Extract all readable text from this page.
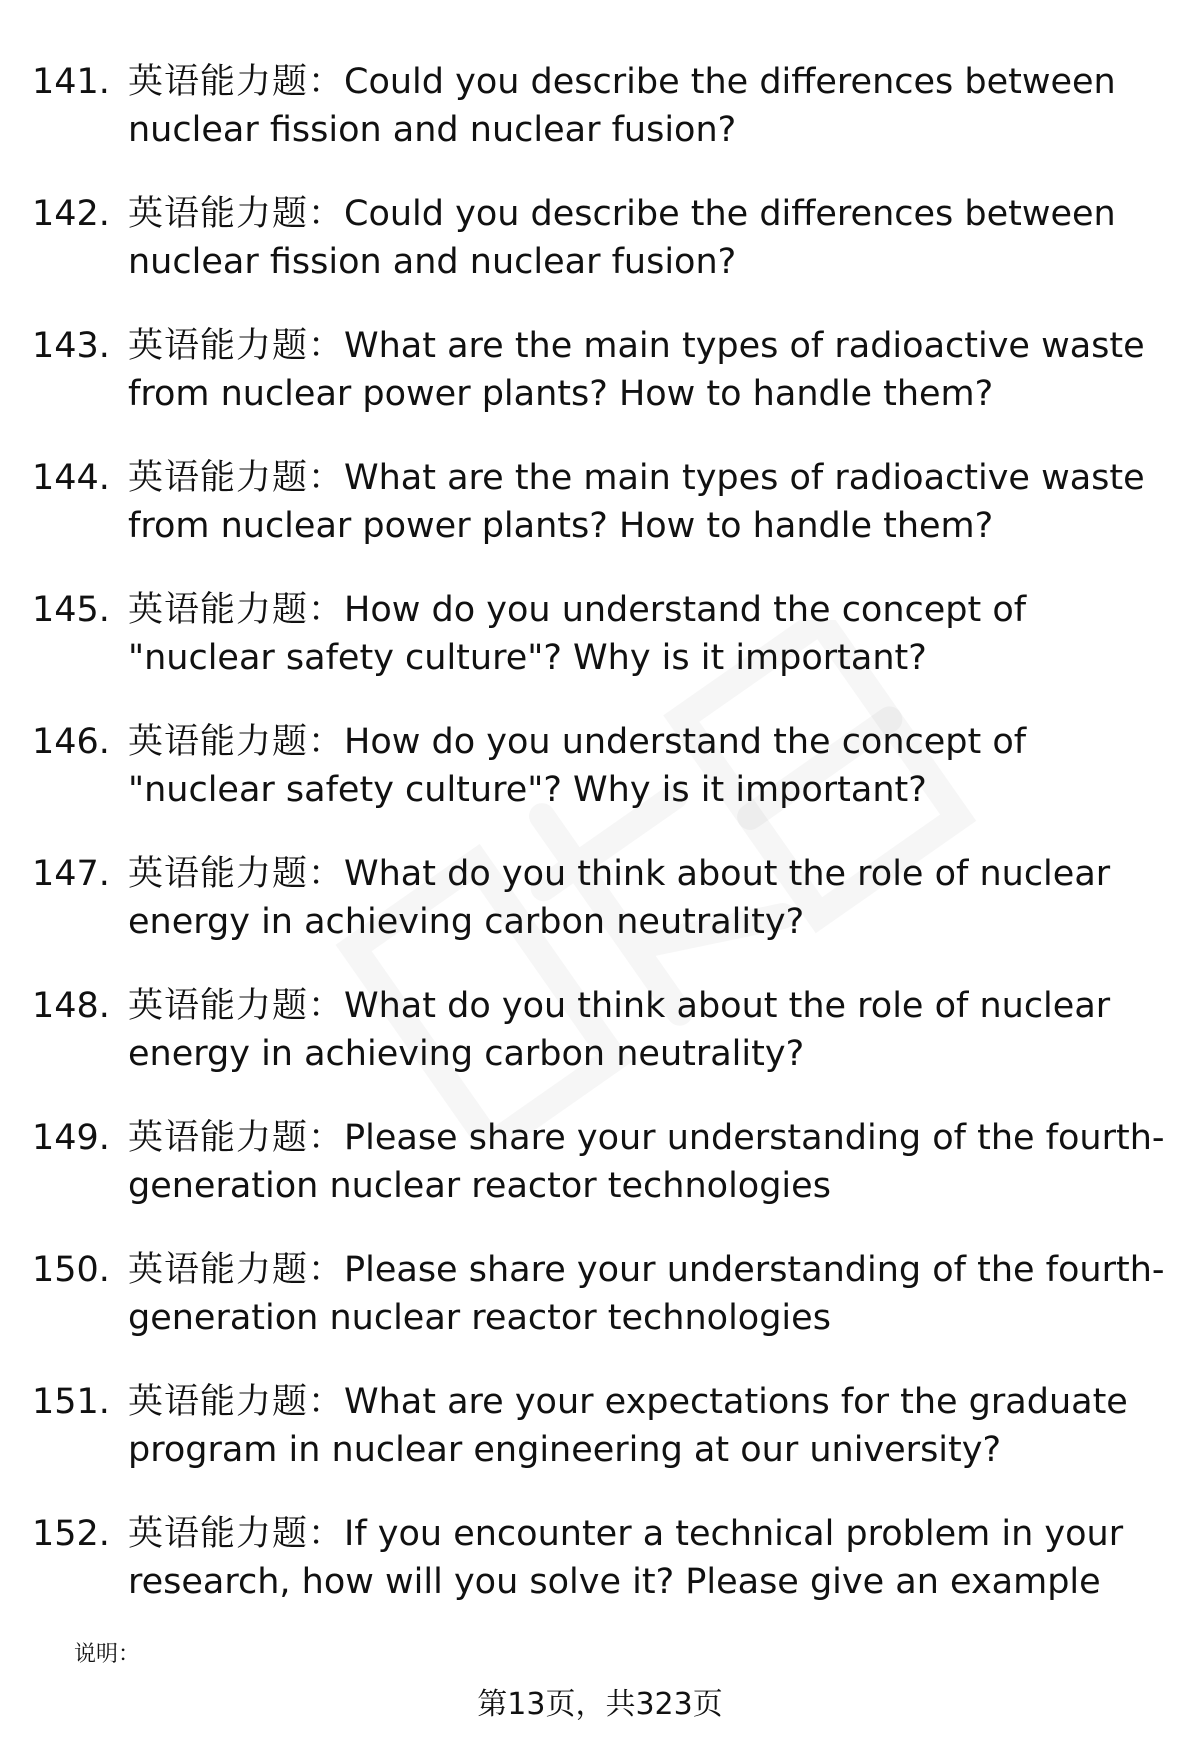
141. 英语能力题：Could you describe the differences between
nuclear fission and nuclear fusion?
142. 英语能力题：Could you describe the differences between
nuclear fission and nuclear fusion?
143. 英语能力题：What are the main types of radioactive waste
from nuclear power plants? How to handle them?
144. 英语能力题：What are the main types of radioactive waste
from nuclear power plants? How to handle them?
145. 英语能力题：How do you understand the concept of
"nuclear safety culture"? Why is it important?
146. 英语能力题：How do you understand the concept of
"nuclear safety culture"? Why is it important?
147. 英语能力题：What do you think about the role of nuclear
energy in achieving carbon neutrality?
148. 英语能力题：What do you think about the role of nuclear
energy in achieving carbon neutrality?
149. 英语能力题：Please share your understanding of the fourth-
generation nuclear reactor technologies
150. 英语能力题：Please share your understanding of the fourth-
generation nuclear reactor technologies
151. 英语能力题：What are your expectations for the graduate
program in nuclear engineering at our university?
152. 英语能力题：If you encounter a technical problem in your
research, how will you solve it? Please give an example
说明：
第13页，共323页
